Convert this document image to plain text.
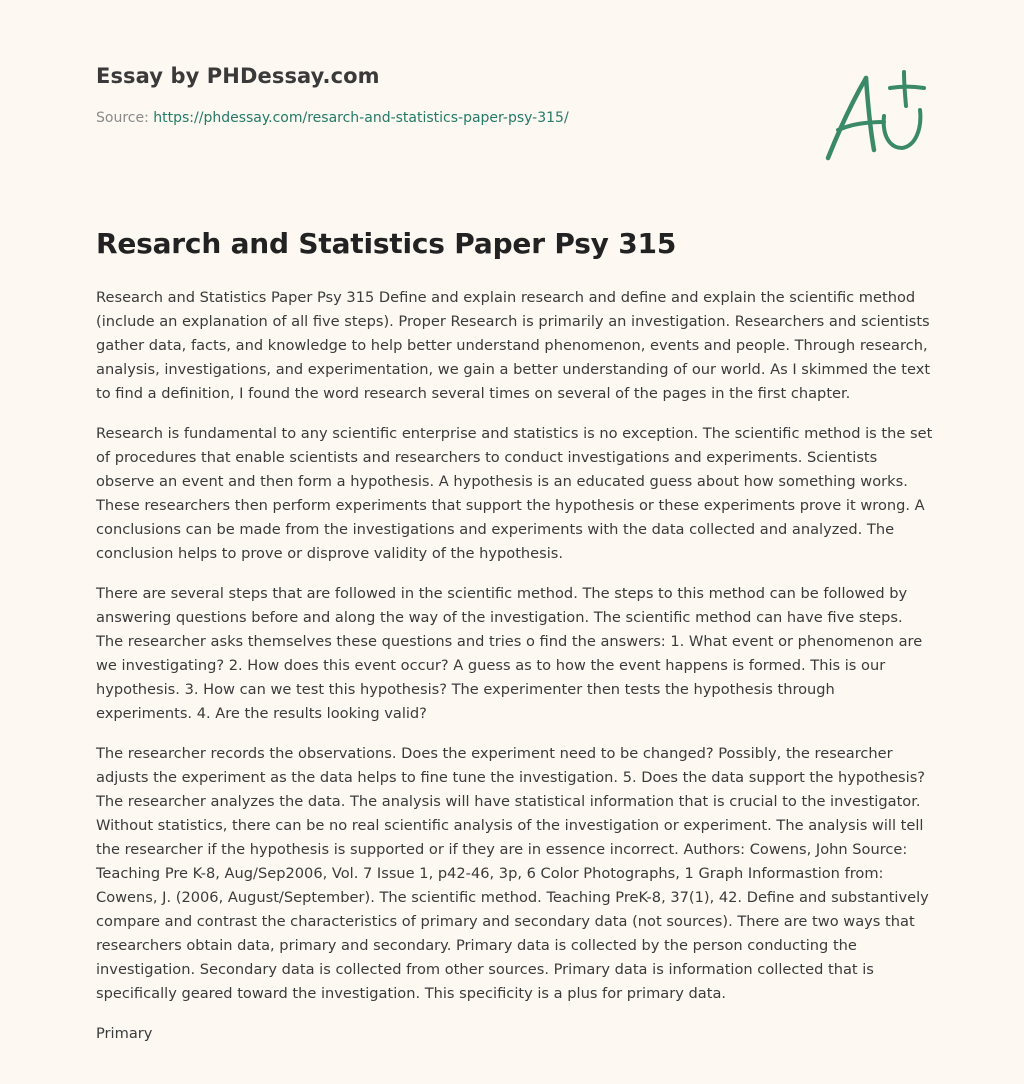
Essay by PHDessay.com
Source: https://phdessay.com/resarch-and-statistics-paper-psy-315/
Resarch and Statistics Paper Psy 315

Research and Statistics Paper Psy 315 Define and explain research and define and explain the scientific method (include an explanation of all five steps). Proper Research is primarily an investigation. Researchers and scientists gather data, facts, and knowledge to help better understand phenomenon, events and people. Through research, analysis, investigations, and experimentation, we gain a better understanding of our world. As I skimmed the text to find a definition, I found the word research several times on several of the pages in the first chapter.

Research is fundamental to any scientific enterprise and statistics is no exception. The scientific method is the set of procedures that enable scientists and researchers to conduct investigations and experiments. Scientists observe an event and then form a hypothesis. A hypothesis is an educated guess about how something works. These researchers then perform experiments that support the hypothesis or these experiments prove it wrong. A conclusions can be made from the investigations and experiments with the data collected and analyzed. The conclusion helps to prove or disprove validity of the hypothesis.

There are several steps that are followed in the scientific method. The steps to this method can be followed by answering questions before and along the way of the investigation. The scientific method can have five steps. The researcher asks themselves these questions and tries o find the answers: 1. What event or phenomenon are we investigating? 2. How does this event occur? A guess as to how the event happens is formed. This is our hypothesis. 3. How can we test this hypothesis? The experimenter then tests the hypothesis through experiments. 4. Are the results looking valid?

The researcher records the observations. Does the experiment need to be changed? Possibly, the researcher adjusts the experiment as the data helps to fine tune the investigation. 5. Does the data support the hypothesis? The researcher analyzes the data. The analysis will have statistical information that is crucial to the investigator. Without statistics, there can be no real scientific analysis of the investigation or experiment. The analysis will tell the researcher if the hypothesis is supported or if they are in essence incorrect. Authors: Cowens, John Source: Teaching Pre K-8, Aug/Sep2006, Vol. 7 Issue 1, p42-46, 3p, 6 Color Photographs, 1 Graph Informastion from: Cowens, J. (2006, August/September). The scientific method. Teaching PreK-8, 37(1), 42. Define and substantively compare and contrast the characteristics of primary and secondary data (not sources). There are two ways that researchers obtain data, primary and secondary. Primary data is collected by the person conducting the investigation. Secondary data is collected from other sources. Primary data is information collected that is specifically geared toward the investigation. This specificity is a plus for primary data.

Primary
